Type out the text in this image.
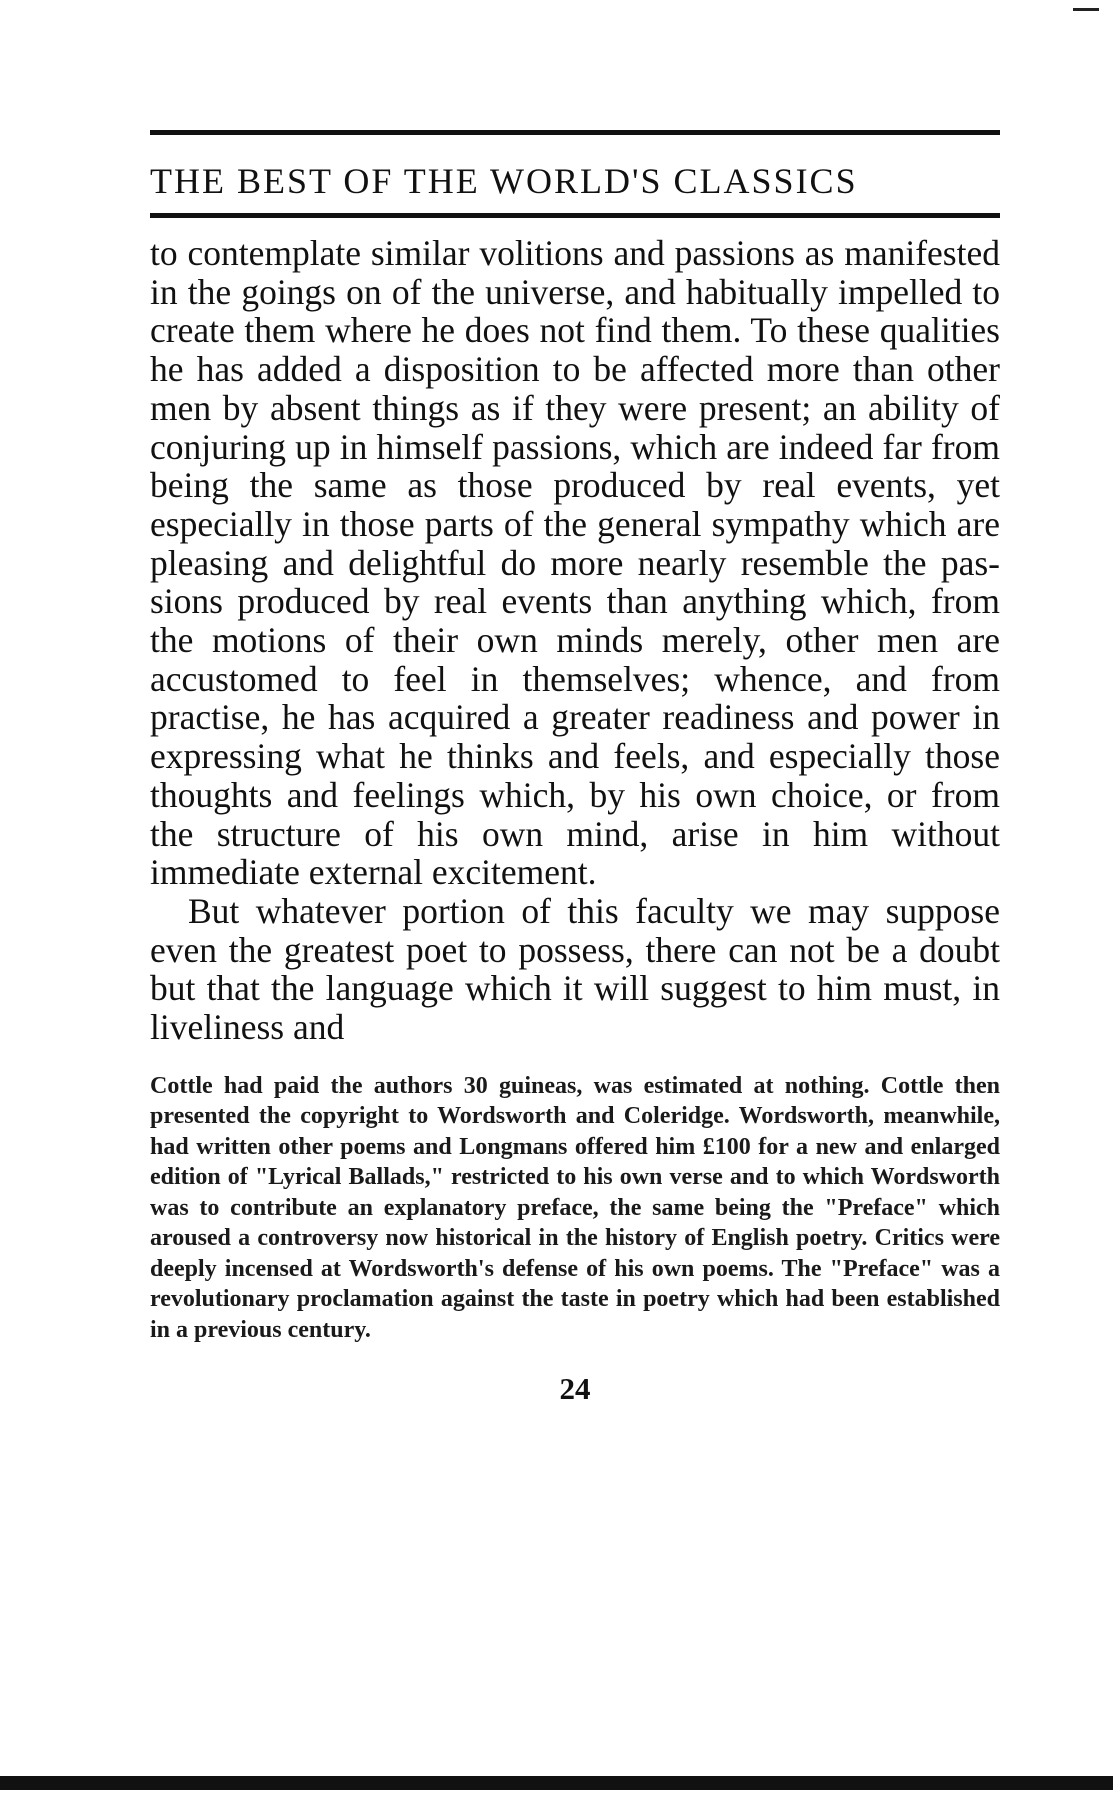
THE BEST OF THE WORLD'S CLASSICS

to contemplate similar volitions and passions as manifested in the goings on of the universe, and habitually impelled to create them where he does not find them. To these qualities he has added a disposition to be affected more than other men by absent things as if they were present; an ability of conjuring up in himself passions, which are indeed far from being the same as those produced by real events, yet especially in those parts of the general sympathy which are pleasing and delightful do more nearly resemble the passions produced by real events than anything which, from the motions of their own minds merely, other men are accustomed to feel in themselves; whence, and from practise, he has acquired a greater readiness and power in expressing what he thinks and feels, and especially those thoughts and feelings which, by his own choice, or from the structure of his own mind, arise in him without immediate external excitement.

But whatever portion of this faculty we may suppose even the greatest poet to possess, there can not be a doubt but that the language which it will suggest to him must, in liveliness and

Cottle had paid the authors 30 guineas, was estimated at nothing. Cottle then presented the copyright to Wordsworth and Coleridge. Wordsworth, meanwhile, had written other poems and Longmans offered him £100 for a new and enlarged edition of "Lyrical Ballads," restricted to his own verse and to which Wordsworth was to contribute an explanatory preface, the same being the "Preface" which aroused a controversy now historical in the history of English poetry. Critics were deeply incensed at Wordsworth's defense of his own poems. The "Preface" was a revolutionary proclamation against the taste in poetry which had been established in a previous century.
24
